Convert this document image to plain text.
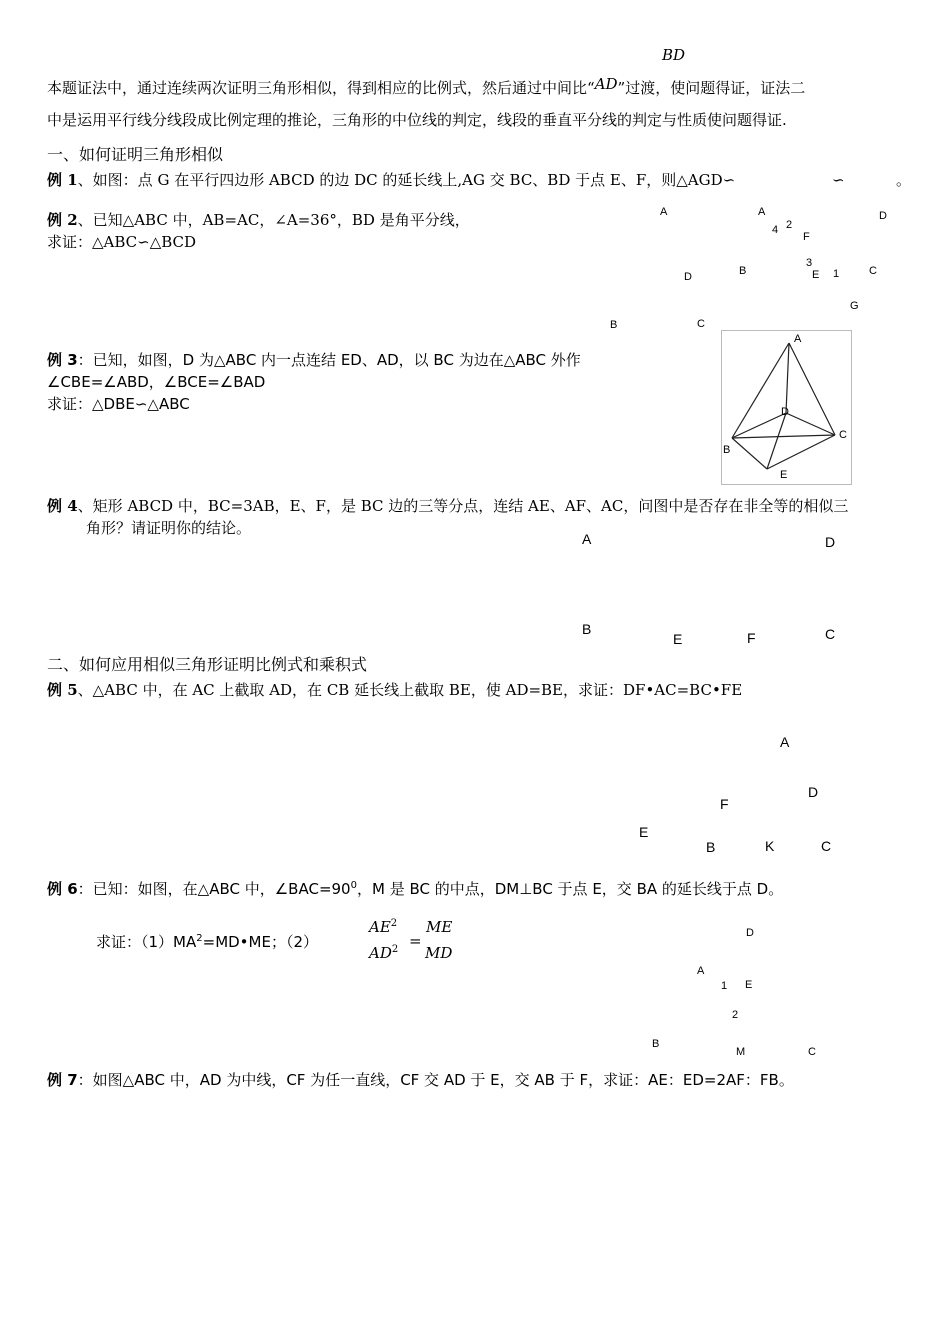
BD
本题证法中，通过连续两次证明三角形相似，得到相应的比例式，然后通过中间比“AD”过渡，使问题得证，证法二
中是运用平行线分线段成比例定理的推论，三角形的中位线的判定，线段的垂直平分线的判定与性质使问题得证.
一、如何证明三角形相似
例 1、如图：点 G 在平行四边形 ABCD 的边 DC 的延长线上,AG 交 BC、BD 于点 E、F，则△AGD∽	∽	。
例 2、已知△ABC 中，AB=AC，∠A=36°，BD 是角平分线，
求证：△ABC∽△BCD
A
D
B	C
A
4 2
F
D
3
E 1	C
B
G
例 3：已知，如图，D 为△ABC 内一点连结 ED、AD，以 BC 为边在△ABC 外作
∠CBE=∠ABD，∠BCE=∠BAD
求证：△DBE∽△ABC
A
D
B
C
E
例 4、矩形 ABCD 中，BC=3AB，E、F，是 BC 边的三等分点，连结 AE、AF、AC，问图中是否存在非全等的相似三
角形？请证明你的结论。
A	D
B
E	F	C
二、如何应用相似三角形证明比例式和乘积式
例 5、△ABC 中，在 AC 上截取 AD，在 CB 延长线上截取 BE，使 AD=BE，求证：DF•AC=BC•FE
A
D
F
E
B	K	C
例 6：已知：如图，在△ABC 中，$\angle BAC=90^0$，M 是 BC 的中点，DM⊥BC 于点 E，交 BA 的延长线于点 D。
求证：$(1)MA^2=MD•ME$；（2）
$AE^2$
$AD^2$ =
ME
MD
D
A
1 E
2
B
M	C
例 7：如图△ABC 中，AD 为中线，CF 为任一直线，CF 交 AD 于 E，交 AB 于 F，求证：AE：ED=2AF：FB。
